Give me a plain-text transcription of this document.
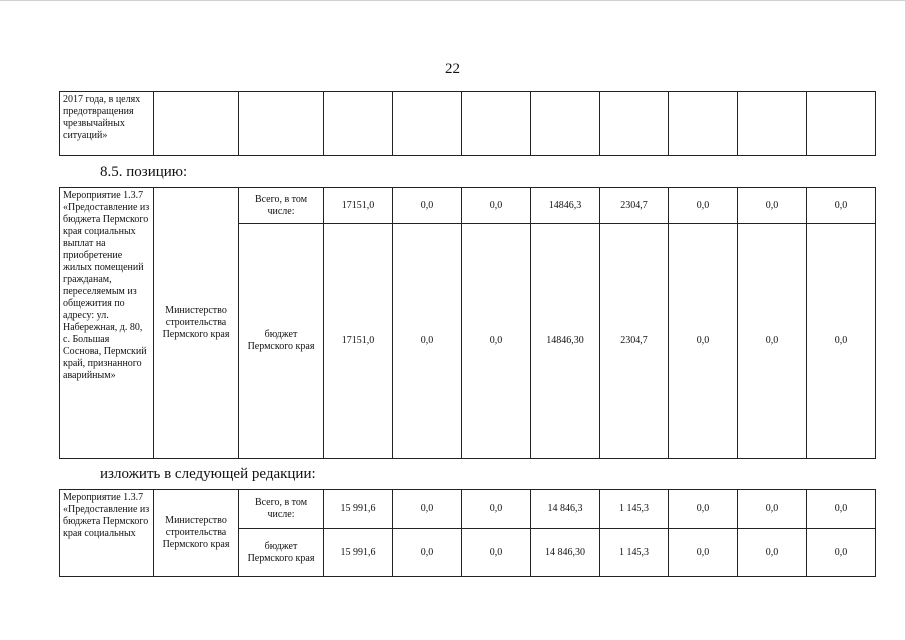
22
2017 года, в целях предотвращения чрезвычайных ситуаций»										
8.5. позицию:
Мероприятие 1.3.7 «Предоставление из бюджета Пермского края социальных выплат на приобретение жилых помещений гражданам, переселяемым из общежития по адресу: ул. Набережная, д. 80, с. Большая Соснова, Пермский край, признанного аварийным»	Министерство строительства Пермского края	Всего, в том числе:	17151,0	0,0	0,0	14846,3	2304,7	0,0	0,0	0,0
		бюджет Пермского края	17151,0	0,0	0,0	14846,30	2304,7	0,0	0,0	0,0
изложить в следующей редакции:
Мероприятие 1.3.7 «Предоставление из бюджета Пермского края социальных	Министерство строительства Пермского края	Всего, в том числе:	15 991,6	0,0	0,0	14 846,3	1 145,3	0,0	0,0	0,0
		бюджет Пермского края	15 991,6	0,0	0,0	14 846,30	1 145,3	0,0	0,0	0,0
